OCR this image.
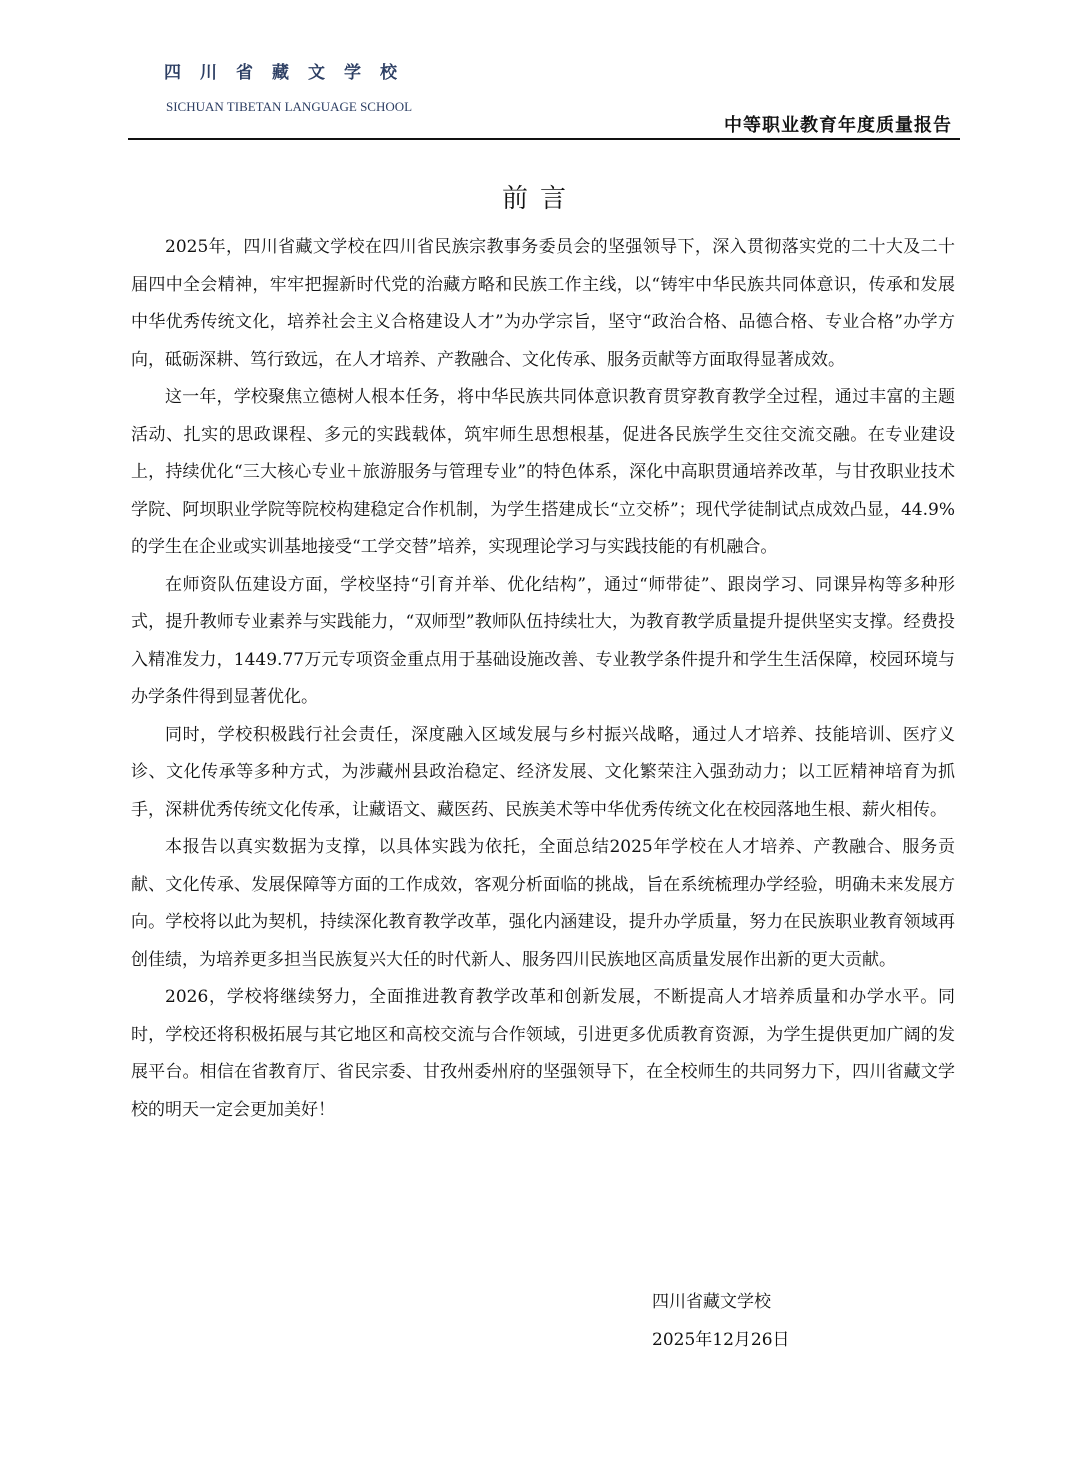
四川省藏文学校
SICHUAN TIBETAN LANGUAGE SCHOOL
中等职业教育年度质量报告
前言

2025年，四川省藏文学校在四川省民族宗教事务委员会的坚强领导下，深入贯彻落实党的二十大及二十届四中全会精神，牢牢把握新时代党的治藏方略和民族工作主线，以“铸牢中华民族共同体意识，传承和发展中华优秀传统文化，培养社会主义合格建设人才”为办学宗旨，坚守“政治合格、品德合格、专业合格”办学方向，砥砺深耕、笃行致远，在人才培养、产教融合、文化传承、服务贡献等方面取得显著成效。

这一年，学校聚焦立德树人根本任务，将中华民族共同体意识教育贯穿教育教学全过程，通过丰富的主题活动、扎实的思政课程、多元的实践载体，筑牢师生思想根基，促进各民族学生交往交流交融。在专业建设上，持续优化“三大核心专业＋旅游服务与管理专业”的特色体系，深化中高职贯通培养改革，与甘孜职业技术学院、阿坝职业学院等院校构建稳定合作机制，为学生搭建成长“立交桥”；现代学徒制试点成效凸显，44.9%的学生在企业或实训基地接受“工学交替”培养，实现理论学习与实践技能的有机融合。

在师资队伍建设方面，学校坚持“引育并举、优化结构”，通过“师带徒”、跟岗学习、同课异构等多种形式，提升教师专业素养与实践能力，“双师型”教师队伍持续壮大，为教育教学质量提升提供坚实支撑。经费投入精准发力，1449.77万元专项资金重点用于基础设施改善、专业教学条件提升和学生生活保障，校园环境与办学条件得到显著优化。

同时，学校积极践行社会责任，深度融入区域发展与乡村振兴战略，通过人才培养、技能培训、医疗义诊、文化传承等多种方式，为涉藏州县政治稳定、经济发展、文化繁荣注入强劲动力；以工匠精神培育为抓手，深耕优秀传统文化传承，让藏语文、藏医药、民族美术等中华优秀传统文化在校园落地生根、薪火相传。

本报告以真实数据为支撑，以具体实践为依托，全面总结2025年学校在人才培养、产教融合、服务贡献、文化传承、发展保障等方面的工作成效，客观分析面临的挑战，旨在系统梳理办学经验，明确未来发展方向。学校将以此为契机，持续深化教育教学改革，强化内涵建设，提升办学质量，努力在民族职业教育领域再创佳绩，为培养更多担当民族复兴大任的时代新人、服务四川民族地区高质量发展作出新的更大贡献。

2026，学校将继续努力，全面推进教育教学改革和创新发展，不断提高人才培养质量和办学水平。同时，学校还将积极拓展与其它地区和高校交流与合作领域，引进更多优质教育资源，为学生提供更加广阔的发展平台。相信在省教育厅、省民宗委、甘孜州委州府的坚强领导下，在全校师生的共同努力下，四川省藏文学校的明天一定会更加美好！

四川省藏文学校
2025年12月26日
